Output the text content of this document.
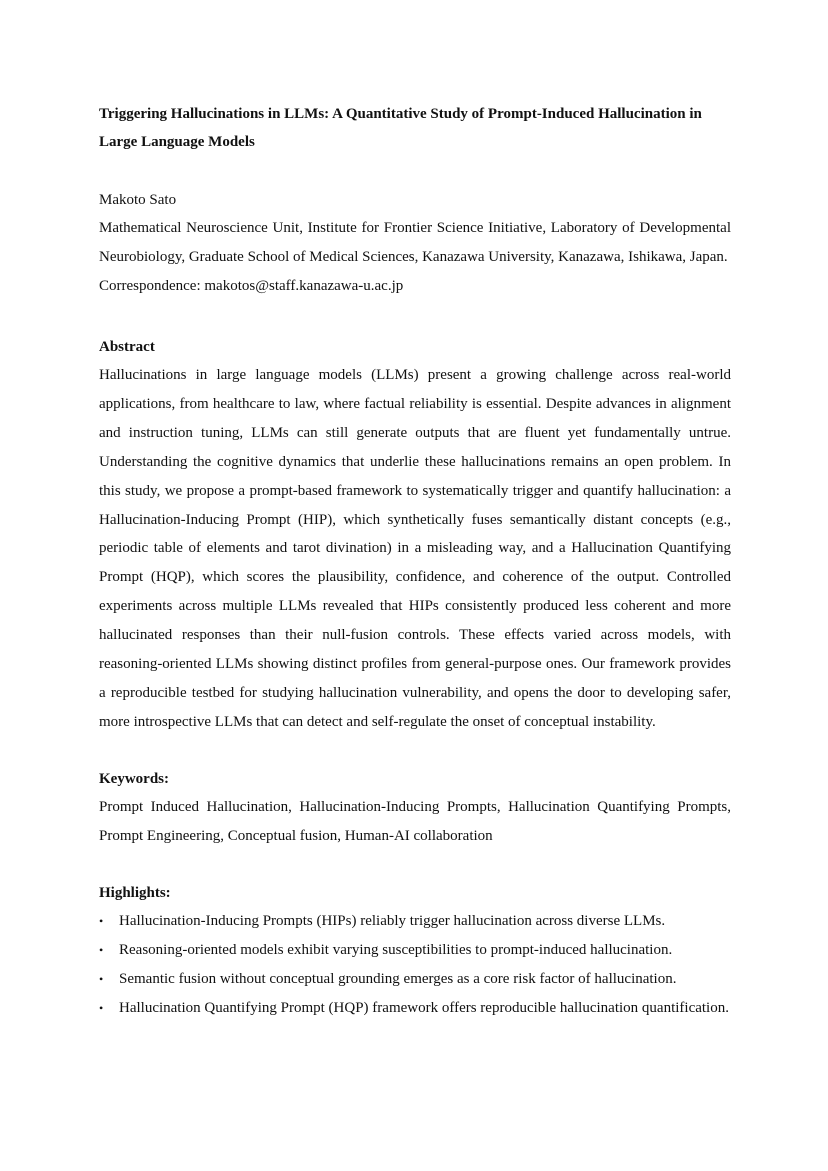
Triggering Hallucinations in LLMs: A Quantitative Study of Prompt-Induced Hallucination in Large Language Models
Makoto Sato
Mathematical Neuroscience Unit, Institute for Frontier Science Initiative, Laboratory of Developmental Neurobiology, Graduate School of Medical Sciences, Kanazawa University, Kanazawa, Ishikawa, Japan.
Correspondence: makotos@staff.kanazawa-u.ac.jp
Abstract
Hallucinations in large language models (LLMs) present a growing challenge across real-world applications, from healthcare to law, where factual reliability is essential. Despite advances in alignment and instruction tuning, LLMs can still generate outputs that are fluent yet fundamentally untrue. Understanding the cognitive dynamics that underlie these hallucinations remains an open problem. In this study, we propose a prompt-based framework to systematically trigger and quantify hallucination: a Hallucination-Inducing Prompt (HIP), which synthetically fuses semantically distant concepts (e.g., periodic table of elements and tarot divination) in a misleading way, and a Hallucination Quantifying Prompt (HQP), which scores the plausibility, confidence, and coherence of the output. Controlled experiments across multiple LLMs revealed that HIPs consistently produced less coherent and more hallucinated responses than their null-fusion controls. These effects varied across models, with reasoning-oriented LLMs showing distinct profiles from general-purpose ones. Our framework provides a reproducible testbed for studying hallucination vulnerability, and opens the door to developing safer, more introspective LLMs that can detect and self-regulate the onset of conceptual instability.
Keywords:
Prompt Induced Hallucination, Hallucination-Inducing Prompts, Hallucination Quantifying Prompts, Prompt Engineering, Conceptual fusion, Human-AI collaboration
Highlights:
• Hallucination-Inducing Prompts (HIPs) reliably trigger hallucination across diverse LLMs.
• Reasoning-oriented models exhibit varying susceptibilities to prompt-induced hallucination.
• Semantic fusion without conceptual grounding emerges as a core risk factor of hallucination.
• Hallucination Quantifying Prompt (HQP) framework offers reproducible hallucination quantification.
